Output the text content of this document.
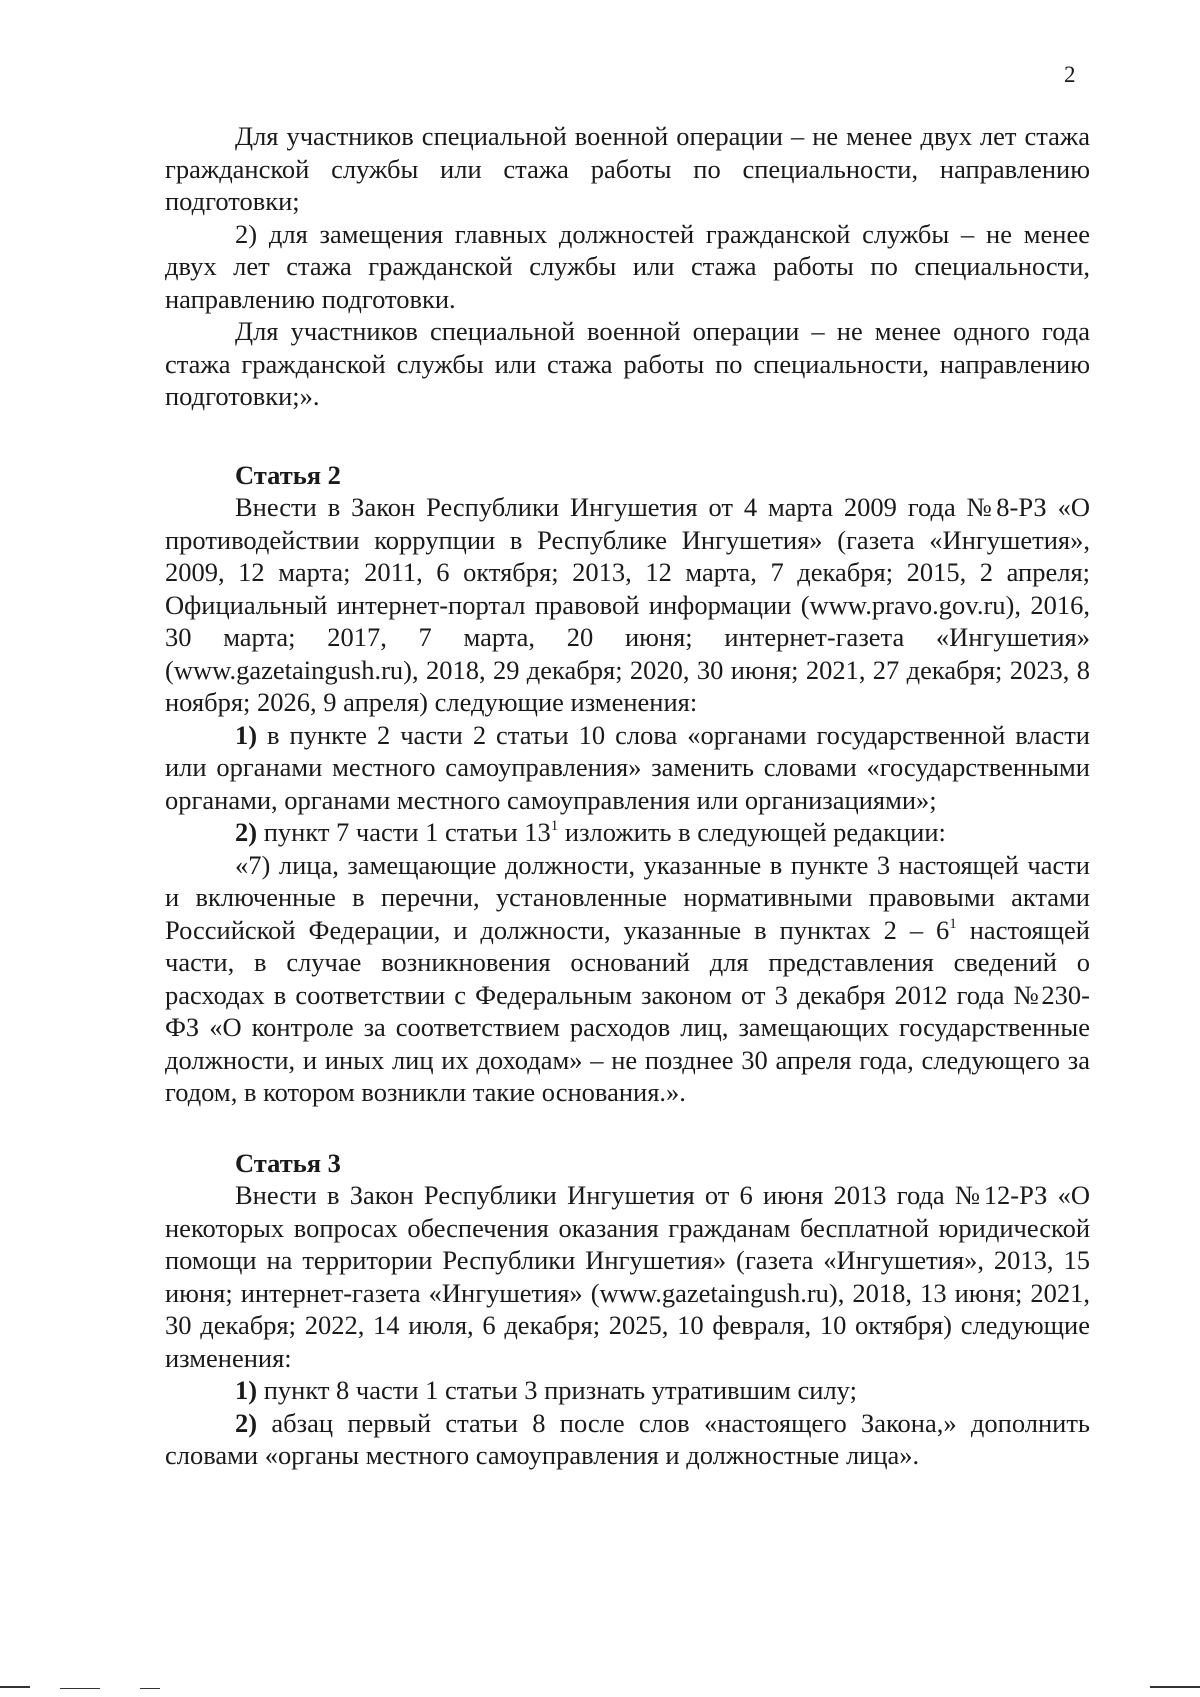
2

Для участников специальной военной операции – не менее двух лет стажа гражданской службы или стажа работы по специальности, направлению подготовки;

2) для замещения главных должностей гражданской службы – не менее двух лет стажа гражданской службы или стажа работы по специальности, направлению подготовки.

Для участников специальной военной операции – не менее одного года стажа гражданской службы или стажа работы по специальности, направлению подготовки;».

Статья 2

Внести в Закон Республики Ингушетия от 4 марта 2009 года №8-РЗ «О противодействии коррупции в Республике Ингушетия» (газета «Ингушетия», 2009, 12 марта; 2011, 6 октября; 2013, 12 марта, 7 декабря; 2015, 2 апреля; Официальный интернет-портал правовой информации (www.pravo.gov.ru), 2016, 30 марта; 2017, 7 марта, 20 июня; интернет-газета «Ингушетия» (www.gazetaingush.ru), 2018, 29 декабря; 2020, 30 июня; 2021, 27 декабря; 2023, 8 ноября; 2026, 9 апреля) следующие изменения:

1) в пункте 2 части 2 статьи 10 слова «органами государственной власти или органами местного самоуправления» заменить словами «государственными органами, органами местного самоуправления или организациями»;

2) пункт 7 части 1 статьи $13^1$ изложить в следующей редакции:

«7) лица, замещающие должности, указанные в пункте 3 настоящей части и включенные в перечни, установленные нормативными правовыми актами Российской Федерации, и должности, указанные в пунктах $2 - 6^1$ настоящей части, в случае возникновения оснований для представления сведений о расходах в соответствии с Федеральным законом от 3 декабря 2012 года №230-ФЗ «О контроле за соответствием расходов лиц, замещающих государственные должности, и иных лиц их доходам» – не позднее 30 апреля года, следующего за годом, в котором возникли такие основания.».

Статья 3

Внести в Закон Республики Ингушетия от 6 июня 2013 года №12-РЗ «О некоторых вопросах обеспечения оказания гражданам бесплатной юридической помощи на территории Республики Ингушетия» (газета «Ингушетия», 2013, 15 июня; интернет-газета «Ингушетия» (www.gazetaingush.ru), 2018, 13 июня; 2021, 30 декабря; 2022, 14 июля, 6 декабря; 2025, 10 февраля, 10 октября) следующие изменения:

1) пункт 8 части 1 статьи 3 признать утратившим силу;

2) абзац первый статьи 8 после слов «настоящего Закона,» дополнить словами «органы местного самоуправления и должностные лица».
